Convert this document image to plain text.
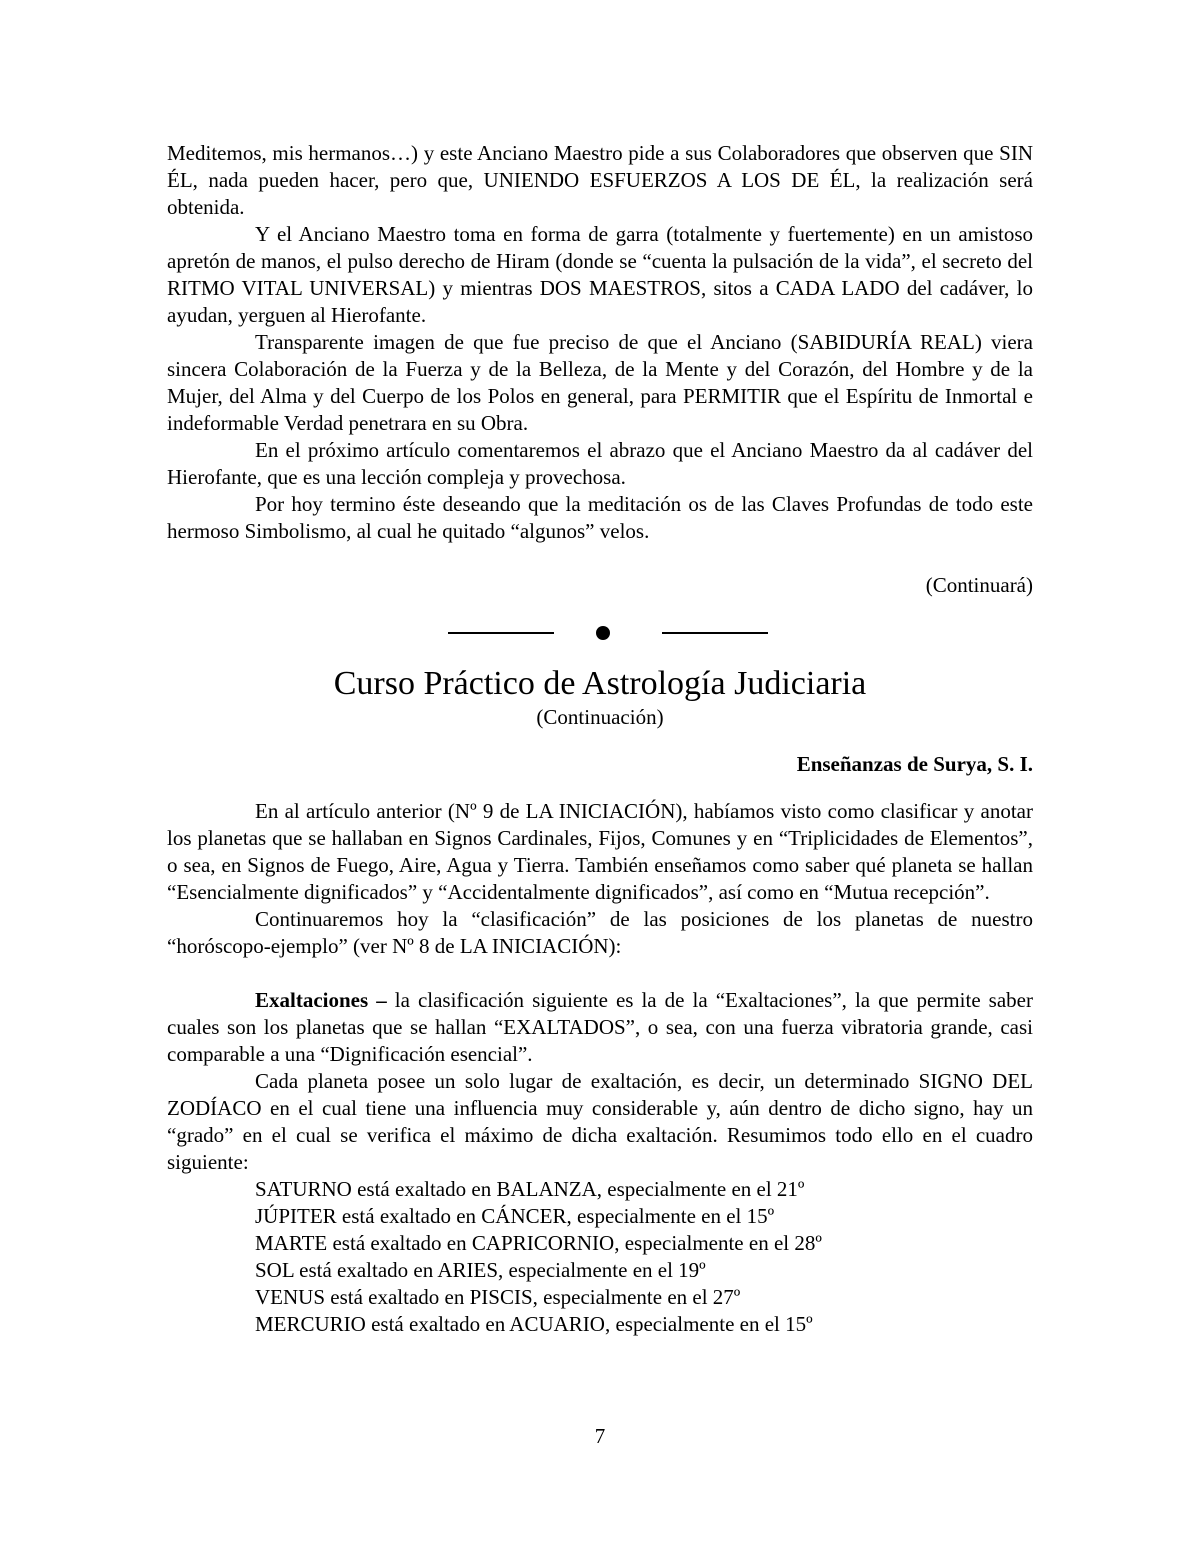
Meditemos, mis hermanos…) y este Anciano Maestro pide a sus Colaboradores que observen que SIN ÉL, nada pueden hacer, pero que, UNIENDO ESFUERZOS A LOS DE ÉL, la realización será obtenida.

Y el Anciano Maestro toma en forma de garra (totalmente y fuertemente) en un amistoso apretón de manos, el pulso derecho de Hiram (donde se “cuenta la pulsación de la vida”, el secreto del RITMO VITAL UNIVERSAL) y mientras DOS MAESTROS, sitos a CADA LADO del cadáver, lo ayudan, yerguen al Hierofante.

Transparente imagen de que fue preciso de que el Anciano (SABIDURÍA REAL) viera sincera Colaboración de la Fuerza y de la Belleza, de la Mente y del Corazón, del Hombre y de la Mujer, del Alma y del Cuerpo de los Polos en general, para PERMITIR que el Espíritu de Inmortal e indeformable Verdad penetrara en su Obra.

En el próximo artículo comentaremos el abrazo que el Anciano Maestro da al cadáver del Hierofante, que es una lección compleja y provechosa.

Por hoy termino éste deseando que la meditación os de las Claves Profundas de todo este hermoso Simbolismo, al cual he quitado “algunos” velos.

(Continuará)

Curso Práctico de Astrología Judiciaria

(Continuación)

Enseñanzas de Surya, S. I.

En al artículo anterior (Nº 9 de LA INICIACIÓN), habíamos visto como clasificar y anotar los planetas que se hallaban en Signos Cardinales, Fijos, Comunes y en “Triplicidades de Elementos”, o sea, en Signos de Fuego, Aire, Agua y Tierra. También enseñamos como saber qué planeta se hallan “Esencialmente dignificados” y “Accidentalmente dignificados”, así como en “Mutua recepción”.

Continuaremos hoy la “clasificación” de las posiciones de los planetas de nuestro “horóscopo-ejemplo” (ver Nº 8 de LA INICIACIÓN):

Exaltaciones – la clasificación siguiente es la de la “Exaltaciones”, la que permite saber cuales son los planetas que se hallan “EXALTADOS”, o sea, con una fuerza vibratoria grande, casi comparable a una “Dignificación esencial”.

Cada planeta posee un solo lugar de exaltación, es decir, un determinado SIGNO DEL ZODÍACO en el cual tiene una influencia muy considerable y, aún dentro de dicho signo, hay un “grado” en el cual se verifica el máximo de dicha exaltación. Resumimos todo ello en el cuadro siguiente:

SATURNO está exaltado en BALANZA, especialmente en el 21º
JÚPITER está exaltado en CÁNCER, especialmente en el 15º
MARTE está exaltado en CAPRICORNIO, especialmente en el 28º
SOL está exaltado en ARIES, especialmente en el 19º
VENUS está exaltado en PISCIS, especialmente en el 27º
MERCURIO está exaltado en ACUARIO, especialmente en el 15º
7
